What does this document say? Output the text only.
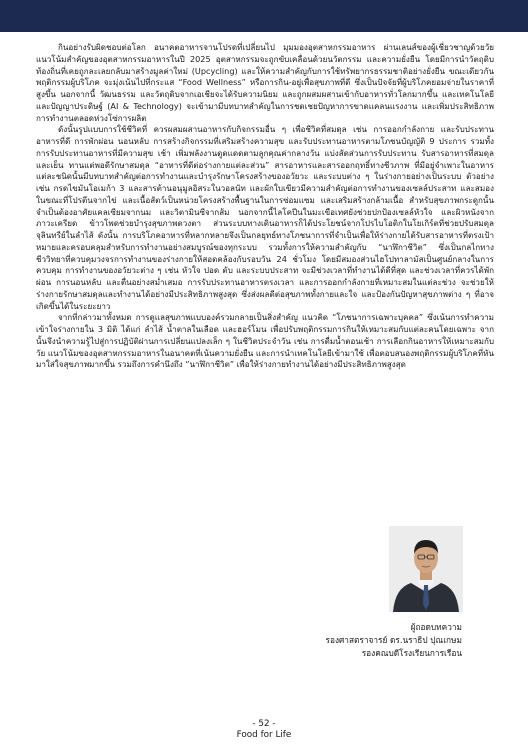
กินอย่างรับผิดชอบต่อโลก อนาคตอาหารจานโปรดที่เปลี่ยนไป มุมมองอุตสาหกรรมอาหาร ผ่านเลนส์ของผู้เชี่ยวชาญด้วยวัย แนวโน้มสำคัญของอุตสาหกรรมอาหารในปี 2025 อุตสาหกรรมจะถูกขับเคลื่อนด้วยนวัตกรรม และความยั่งยืน โดยมีการนำวัตถุดิบท้องถิ่นที่เคยถูกละเลยกลับมาสร้างมูลค่าใหม่ (Upcycling) และให้ความสำคัญกับการใช้ทรัพยากรธรรมชาติอย่างยั่งยืน ขณะเดียวกัน พฤติกรรมผู้บริโภค จะมุ่งเน้นไปที่กระแส “Food Wellness” หรือการกิน-อยู่เพื่อสุขภาพที่ดี ซึ่งเป็นปัจจัยที่ผู้บริโภคยอมจ่ายในราคาที่สูงขึ้น นอกจากนี้ วัฒนธรรม และวัตถุดิบจากเอเชียจะได้รับความนิยม และถูกผสมผสานเข้ากับอาหารทั่วโลกมากขึ้น และเทคโนโลยีและปัญญาประดิษฐ์ (AI & Technology) จะเข้ามามีบทบาทสำคัญในการชดเชยปัญหาการขาดแคลนแรงงาน และเพิ่มประสิทธิภาพการทำงานตลอดห่วงโซ่การผลิต

ดังนั้นรูปแบบการใช้ชีวิตที่ ควรผสมผสานอาหารกับกิจกรรมอื่น ๆ เพื่อชีวิตที่สมดุล เช่น การออกกำลังกาย และรับประทานอาหารที่ดี การพักผ่อน นอนหลับ การสร้างกิจกรรมที่เสริมสร้างความสุข และรับประทานอาหารตามโภชนบัญญัติ 9 ประการ รวมทั้งการรับประทานอาหารที่มีความสุข เช้า เพิ่มพลังงานดูดแดดตามลูกคุณค่ากลางวัน แบ่งสัดส่วนการรับประทาน รับสารอาหารที่สมดุล และเย็น ทานแต่พอดีรักษาสมดุล “อาหารที่ดีต่อร่างกายแต่ละส่วน” สารอาหารและสารออกฤทธิ์ทางชีวภาพ ที่มีอยู่จำเพาะในอาหารแต่ละชนิดนั้นมีบทบาทสำคัญต่อการทำงานและบำรุงรักษาโครงสร้างของอวัยวะ และระบบต่าง ๆ ในร่างกายอย่างเป็นระบบ ตัวอย่างเช่น กรดไขมันโอเมก้า 3 และสารต้านอนุมูลอิสระในวอลนัท และผักใบเขียวมีความสำคัญต่อการทำงานของเซลล์ประสาท และสมอง ในขณะที่โปรตีนจากไข่ และเนื้อสัตว์เป็นหน่วยโครงสร้างพื้นฐานในการซ่อมแซม และเสริมสร้างกล้ามเนื้อ สำหรับสุขภาพกระดูกนั้นจำเป็นต้องอาศัยแคลเซียมจากนม และวิตามินซีจากส้ม นอกจากนี้ไลโคปีนในมะเขือเทศยังช่วยปกป้องเซลล์หัวใจ และผิวหนังจากภาวะเครียด ข้าวโพดช่วยบำรุงสุขภาพดวงตา ส่วนระบบทางเดินอาหารก็ได้ประโยชน์จากโปรไบโอติกในโยเกิร์ตที่ช่วยปรับสมดุลจุลินทรีย์ในลำไส้ ดังนั้น การบริโภคอาหารที่หลากหลายจึงเป็นกลยุทธ์ทางโภชนาการที่จำเป็นเพื่อให้ร่างกายได้รับสารอาหารที่ตรงเป้าหมายและครอบคลุมสำหรับการทำงานอย่างสมบูรณ์ของทุกระบบ รวมทั้งการให้ความสำคัญกับ “นาฬิกาชีวิต” ซึ่งเป็นกลไกทางชีววิทยาที่ควบคุมวงจรการทำงานของร่างกายให้สอดคล้องกับรอบวัน 24 ชั่วโมง โดยมีสมองส่วนไฮโปทาลามัสเป็นศูนย์กลางในการควบคุม การทำงานของอวัยวะต่าง ๆ เช่น หัวใจ ปอด ตับ และระบบประสาท จะมีช่วงเวลาที่ทำงานได้ดีที่สุด และช่วงเวลาที่ควรได้พักผ่อน การนอนหลับ และตื่นอย่างสม่ำเสมอ การรับประทานอาหารตรงเวลา และการออกกำลังกายที่เหมาะสมในแต่ละช่วง จะช่วยให้ร่างกายรักษาสมดุลและทำงานได้อย่างมีประสิทธิภาพสูงสุด ซึ่งส่งผลดีต่อสุขภาพทั้งกายและใจ และป้องกันปัญหาสุขภาพต่าง ๆ ที่อาจเกิดขึ้นได้ในระยะยาว

จากที่กล่าวมาทั้งหมด การดูแลสุขภาพแบบองค์รวมกลายเป็นสิ่งสำคัญ แนวคิด “โภชนาการเฉพาะบุคคล” ซึ่งเน้นการทำความเข้าใจร่างกายใน 3 มิติ ได้แก่ ลำไส้ น้ำตาลในเลือด และฮอร์โมน เพื่อปรับพฤติกรรมการกินให้เหมาะสมกับแต่ละคนโดยเฉพาะ จากนั้นจึงนำความรู้ไปสู่การปฏิบัติผ่านการเปลี่ยนแปลงเล็ก ๆ ในชีวิตประจำวัน เช่น การดื่มน้ำตอนเช้า การเลือกกินอาหารให้เหมาะสมกับวัย แนวโน้มของอุตสาหกรรมอาหารในอนาคตที่เน้นความยั่งยืน และการนำเทคโนโลยีเข้ามาใช้ เพื่อตอบสนองพฤติกรรมผู้บริโภคที่หันมาใส่ใจสุขภาพมากขึ้น รวมถึงการคำนึงถึง “นาฬิกาชีวิต” เพื่อให้ร่างกายทำงานได้อย่างมีประสิทธิภาพสูงสุด

ผู้ถอดบทความ
รองศาสตราจารย์ ดร.นราธิป ปุณเกษม
รองคณบดีโรงเรียนการเรือน
- 52 -
Food for Life
